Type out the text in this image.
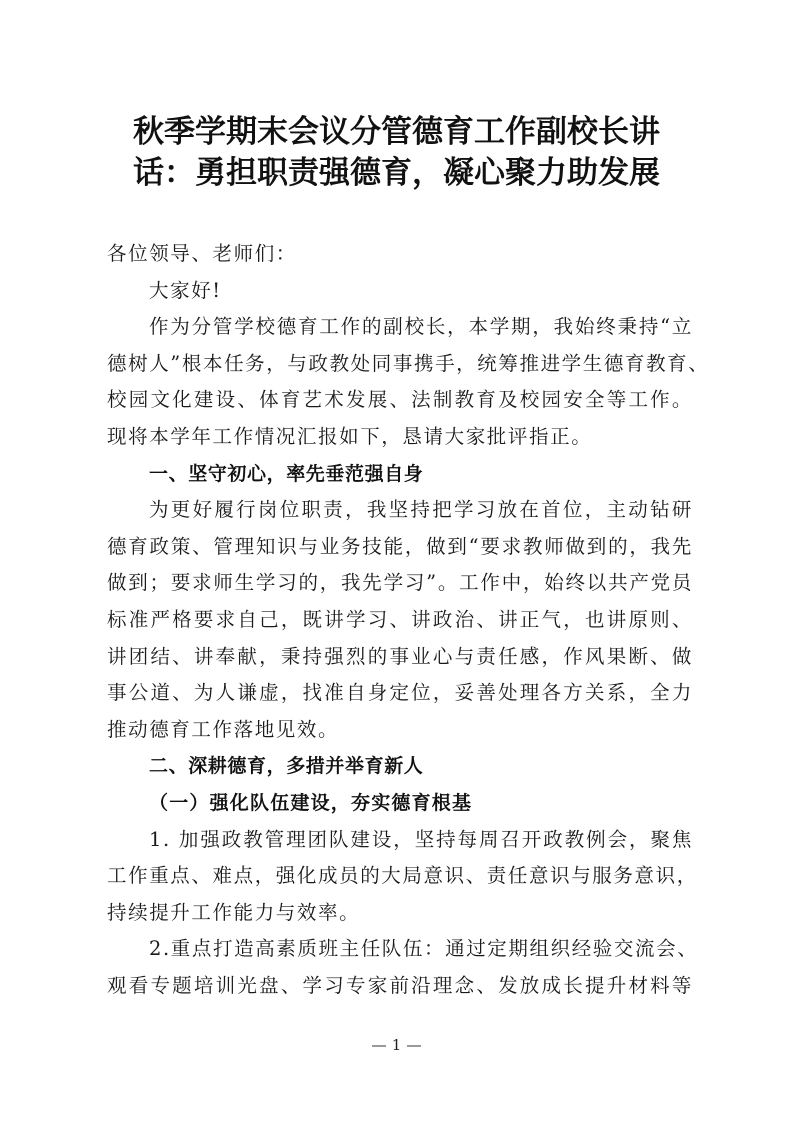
秋季学期末会议分管德育工作副校长讲
话：勇担职责强德育，凝心聚力助发展
各位领导、老师们：
大家好!
作为分管学校德育工作的副校长，本学期，我始终秉持“立
德树人”根本任务，与政教处同事携手，统筹推进学生德育教育、
校园文化建设、体育艺术发展、法制教育及校园安全等工作。
现将本学年工作情况汇报如下，恳请大家批评指正。
一、坚守初心，率先垂范强自身
为更好履行岗位职责，我坚持把学习放在首位，主动钻研
德育政策、管理知识与业务技能，做到“要求教师做到的，我先
做到；要求师生学习的，我先学习”。工作中，始终以共产党员
标准严格要求自己，既讲学习、讲政治、讲正气，也讲原则、
讲团结、讲奉献，秉持强烈的事业心与责任感，作风果断、做
事公道、为人谦虚，找准自身定位，妥善处理各方关系，全力
推动德育工作落地见效。
二、深耕德育，多措并举育新人
（一）强化队伍建设，夯实德育根基
1. 加强政教管理团队建设，坚持每周召开政教例会，聚焦
工作重点、难点，强化成员的大局意识、责任意识与服务意识，
持续提升工作能力与效率。
2.重点打造高素质班主任队伍：通过定期组织经验交流会、
观看专题培训光盘、学习专家前沿理念、发放成长提升材料等
1
